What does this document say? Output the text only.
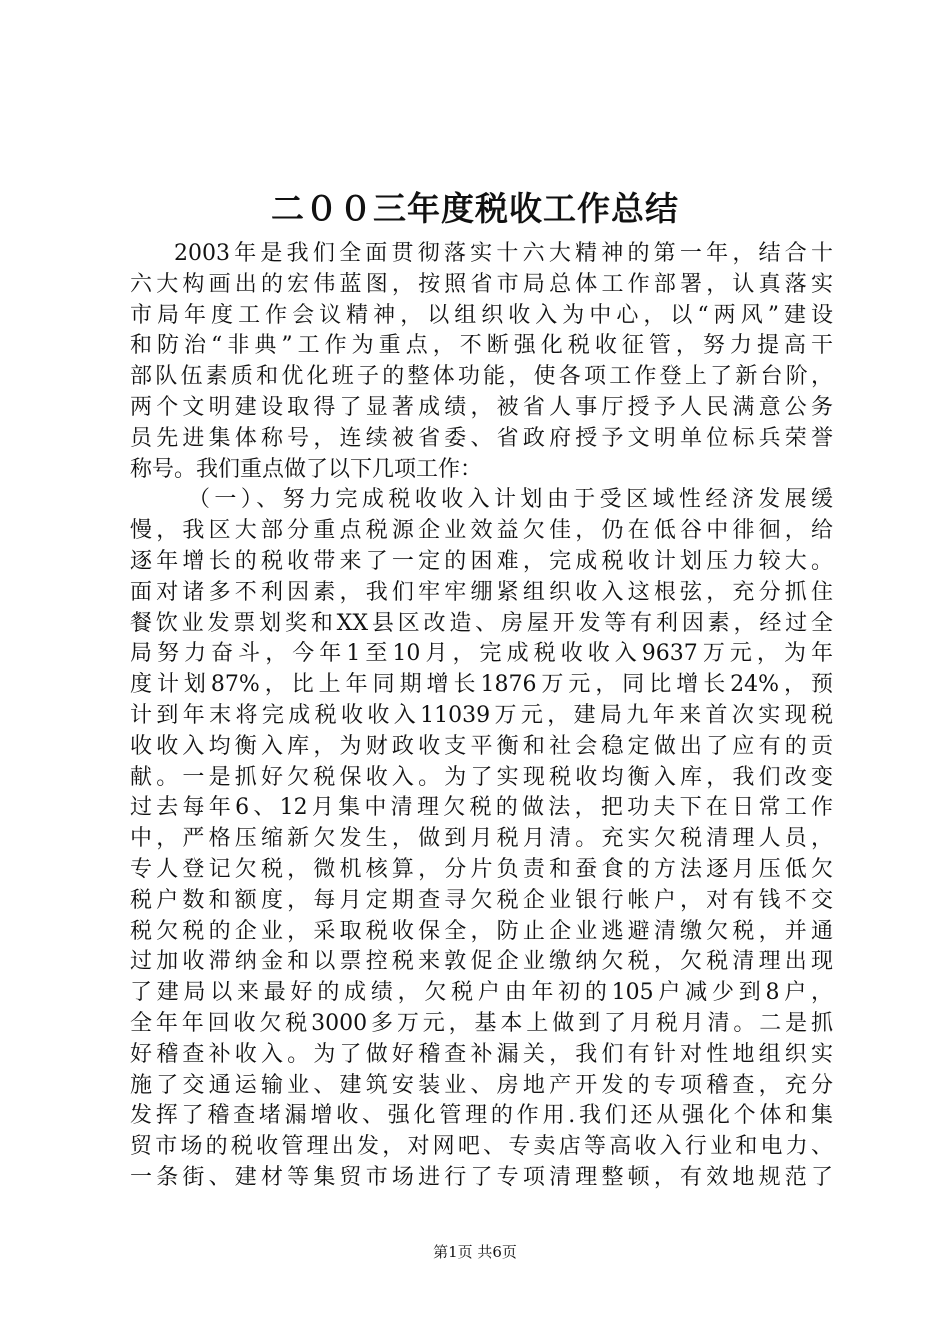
二００三年度税收工作总结
2003年是我们全面贯彻落实十六大精神的第一年，结合十
六大构画出的宏伟蓝图，按照省市局总体工作部署，认真落实
市局年度工作会议精神，以组织收入为中心，以“两风”建设
和防治“非典”工作为重点，不断强化税收征管，努力提高干
部队伍素质和优化班子的整体功能，使各项工作登上了新台阶，
两个文明建设取得了显著成绩，被省人事厅授予人民满意公务
员先进集体称号，连续被省委、省政府授予文明单位标兵荣誉
称号。我们重点做了以下几项工作：
（一）、努力完成税收收入计划由于受区域性经济发展缓
慢，我区大部分重点税源企业效益欠佳，仍在低谷中徘徊，给
逐年增长的税收带来了一定的困难，完成税收计划压力较大。
面对诸多不利因素，我们牢牢绷紧组织收入这根弦，充分抓住
餐饮业发票划奖和XX县区改造、房屋开发等有利因素，经过全
局努力奋斗，今年1至10月，完成税收收入9637万元，为年
度计划87%，比上年同期增长1876万元，同比增长24%，预
计到年末将完成税收收入11039万元，建局九年来首次实现税
收收入均衡入库，为财政收支平衡和社会稳定做出了应有的贡
献。一是抓好欠税保收入。为了实现税收均衡入库，我们改变
过去每年6、12月集中清理欠税的做法，把功夫下在日常工作
中，严格压缩新欠发生，做到月税月清。充实欠税清理人员，
专人登记欠税，微机核算，分片负责和蚕食的方法逐月压低欠
税户数和额度，每月定期查寻欠税企业银行帐户，对有钱不交
税欠税的企业，采取税收保全，防止企业逃避清缴欠税，并通
过加收滞纳金和以票控税来敦促企业缴纳欠税，欠税清理出现
了建局以来最好的成绩，欠税户由年初的105户减少到8户，
全年年回收欠税3000多万元，基本上做到了月税月清。二是抓
好稽查补收入。为了做好稽查补漏关，我们有针对性地组织实
施了交通运输业、建筑安装业、房地产开发的专项稽查，充分
发挥了稽查堵漏增收、强化管理的作用.我们还从强化个体和集
贸市场的税收管理出发，对网吧、专卖店等高收入行业和电力、
一条街、建材等集贸市场进行了专项清理整顿，有效地规范了
第1页 共6页
